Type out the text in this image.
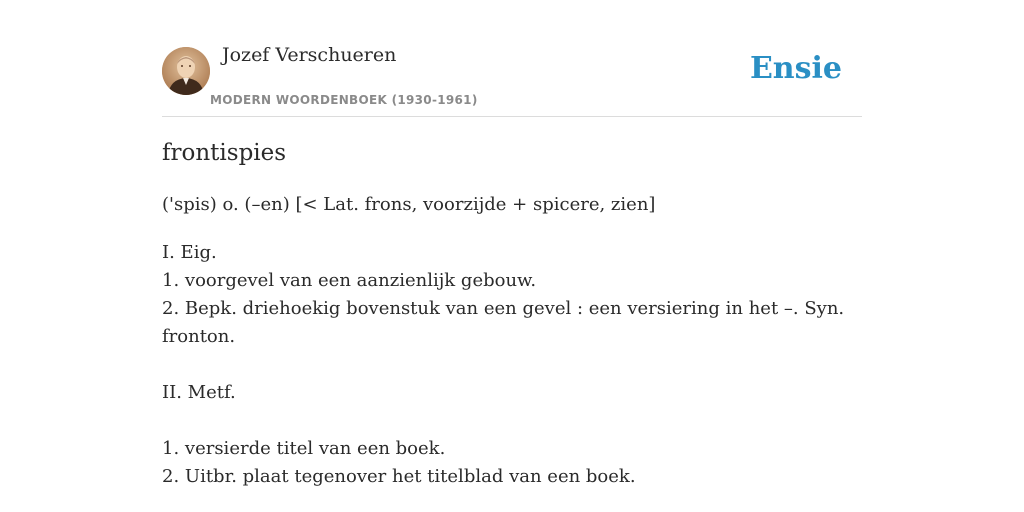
Jozef Verschueren
MODERN WOORDENBOEK (1930-1961)
Ensie
frontispies
('spis) o. (–en) [< Lat. frons, voorzijde + spicere, zien]
I. Eig.
1. voorgevel van een aanzienlijk gebouw.
2. Bepk. driehoekig bovenstuk van een gevel : een versiering in het –. Syn.
fronton.
II. Metf.
1. versierde titel van een boek.
2. Uitbr. plaat tegenover het titelblad van een boek.
